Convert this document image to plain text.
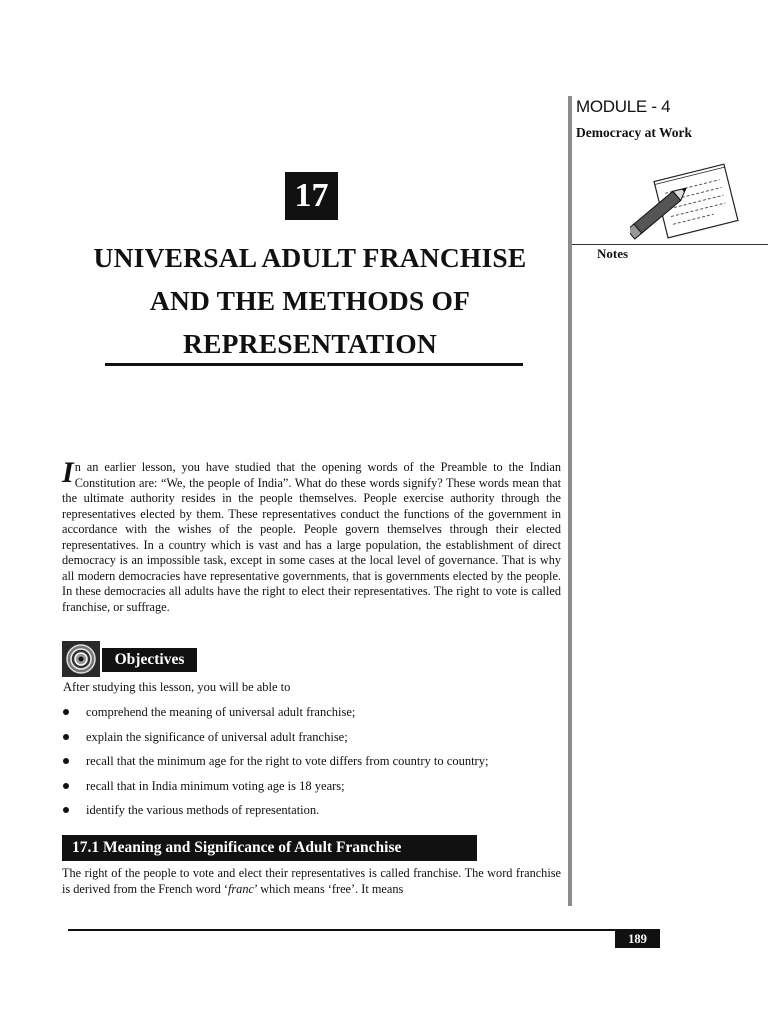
MODULE - 4
Democracy at Work
Notes
17
UNIVERSAL ADULT FRANCHISE
AND THE METHODS OF
REPRESENTATION
In an earlier lesson, you have studied that the opening words of the Preamble to the Indian Constitution are: “We, the people of India”. What do these words signify? These words mean that the ultimate authority resides in the people themselves. People exercise authority through the representatives elected by them. These representatives conduct the functions of the government in accordance with the wishes of the people. People govern themselves through their elected representatives. In a country which is vast and has a large population, the establishment of direct democracy is an impossible task, except in some cases at the local level of governance. That is why all modern democracies have representative governments, that is governments elected by the people. In these democracies all adults have the right to elect their representatives. The right to vote is called franchise, or suffrage.
Objectives
After studying this lesson, you will be able to
comprehend the meaning of universal adult franchise;
explain the significance of universal adult franchise;
recall that the minimum age for the right to vote differs from country to country;
recall that in India minimum voting age is 18 years;
identify the various methods of representation.
17.1 Meaning and Significance of Adult Franchise
The right of the people to vote and elect their representatives is called franchise. The word franchise is derived from the French word ‘franc’ which means ‘free’. It means
189
